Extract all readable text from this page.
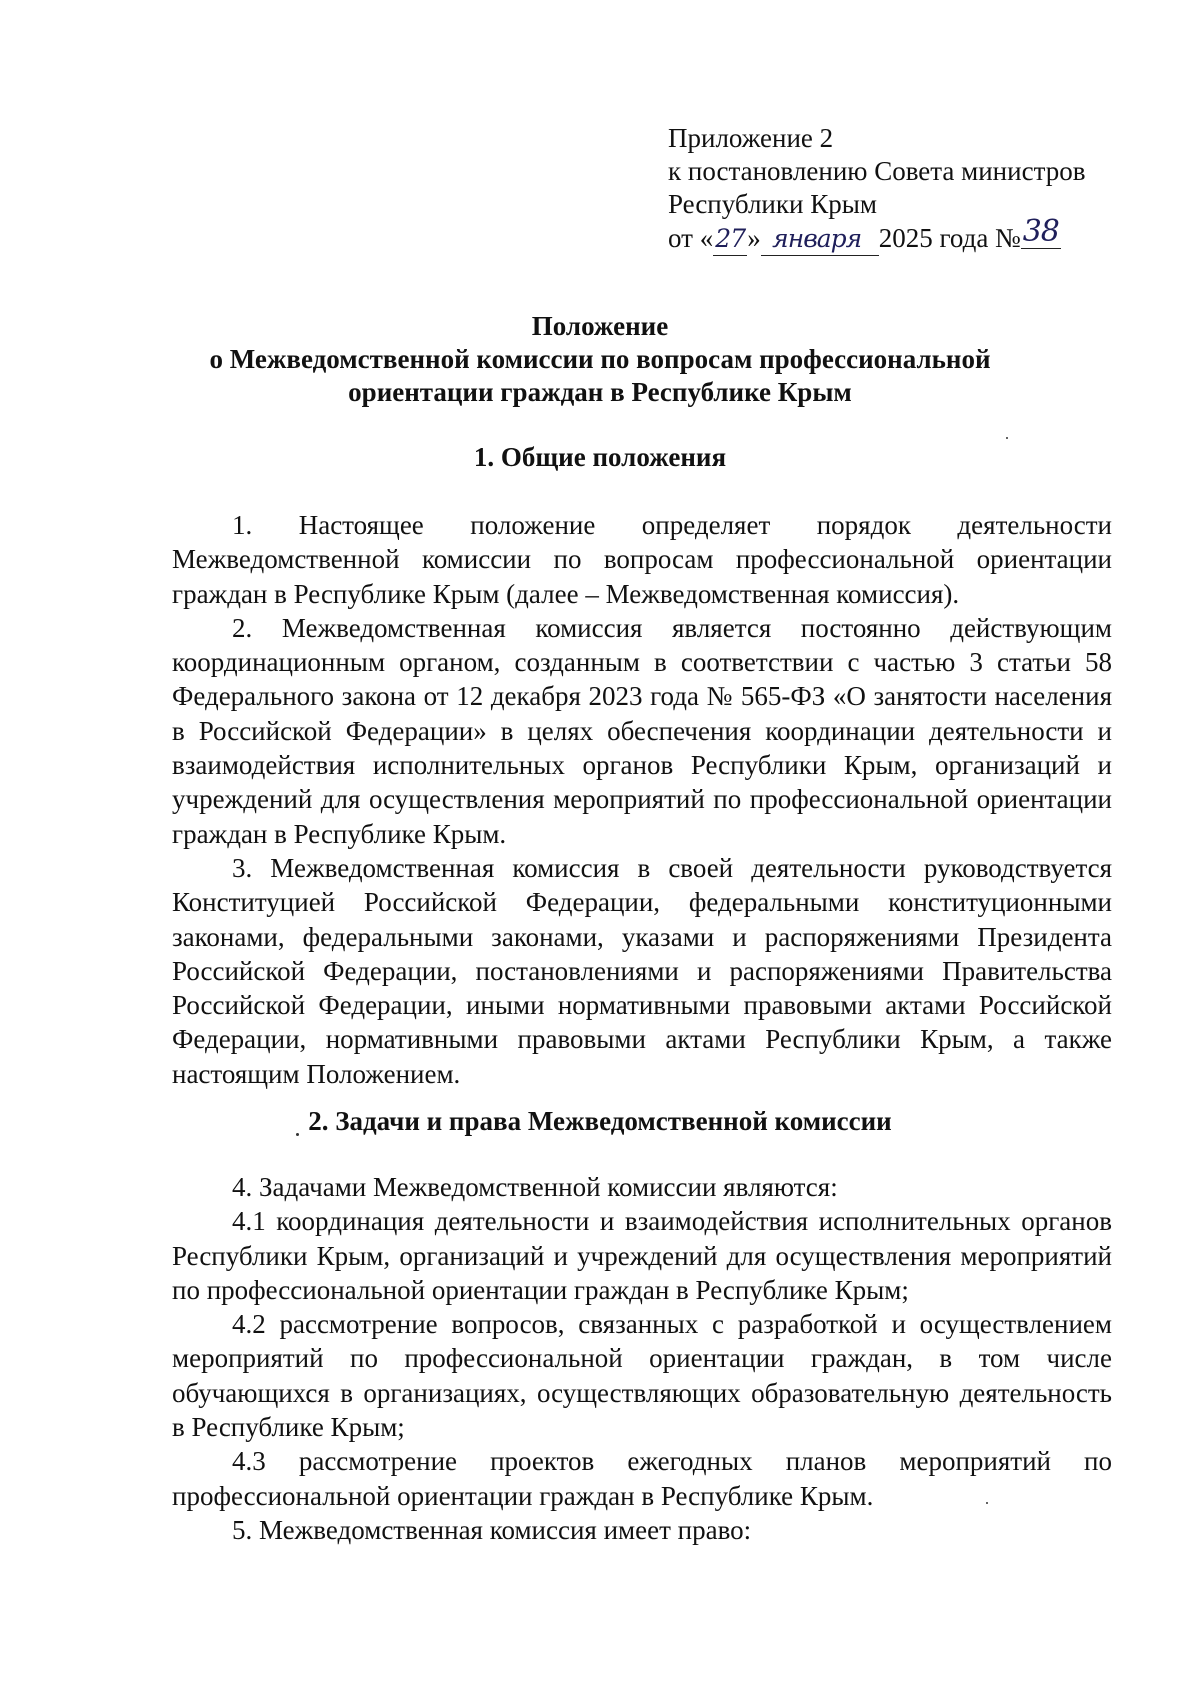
Приложение 2
к постановлению Совета министров
Республики Крым
от «27» января 2025 года №38
Положение
о Межведомственной комиссии по вопросам профессиональной
ориентации граждан в Республике Крым
1. Общие положения

1. Настоящее положение определяет порядок деятельности Межведомственной комиссии по вопросам профессиональной ориентации граждан в Республике Крым (далее – Межведомственная комиссия).

2. Межведомственная комиссия является постоянно действующим координационным органом, созданным в соответствии с частью 3 статьи 58 Федерального закона от 12 декабря 2023 года № 565-ФЗ «О занятости населения в Российской Федерации» в целях обеспечения координации деятельности и взаимодействия исполнительных органов Республики Крым, организаций и учреждений для осуществления мероприятий по профессиональной ориентации граждан в Республике Крым.

3. Межведомственная комиссия в своей деятельности руководствуется Конституцией Российской Федерации, федеральными конституционными законами, федеральными законами, указами и распоряжениями Президента Российской Федерации, постановлениями и распоряжениями Правительства Российской Федерации, иными нормативными правовыми актами Российской Федерации, нормативными правовыми актами Республики Крым, а также настоящим Положением.

2. Задачи и права Межведомственной комиссии

4. Задачами Межведомственной комиссии являются:

4.1 координация деятельности и взаимодействия исполнительных органов Республики Крым, организаций и учреждений для осуществления мероприятий по профессиональной ориентации граждан в Республике Крым;

4.2 рассмотрение вопросов, связанных с разработкой и осуществлением мероприятий по профессиональной ориентации граждан, в том числе обучающихся в организациях, осуществляющих образовательную деятельность в Республике Крым;

4.3 рассмотрение проектов ежегодных планов мероприятий по профессиональной ориентации граждан в Республике Крым.

5. Межведомственная комиссия имеет право:
